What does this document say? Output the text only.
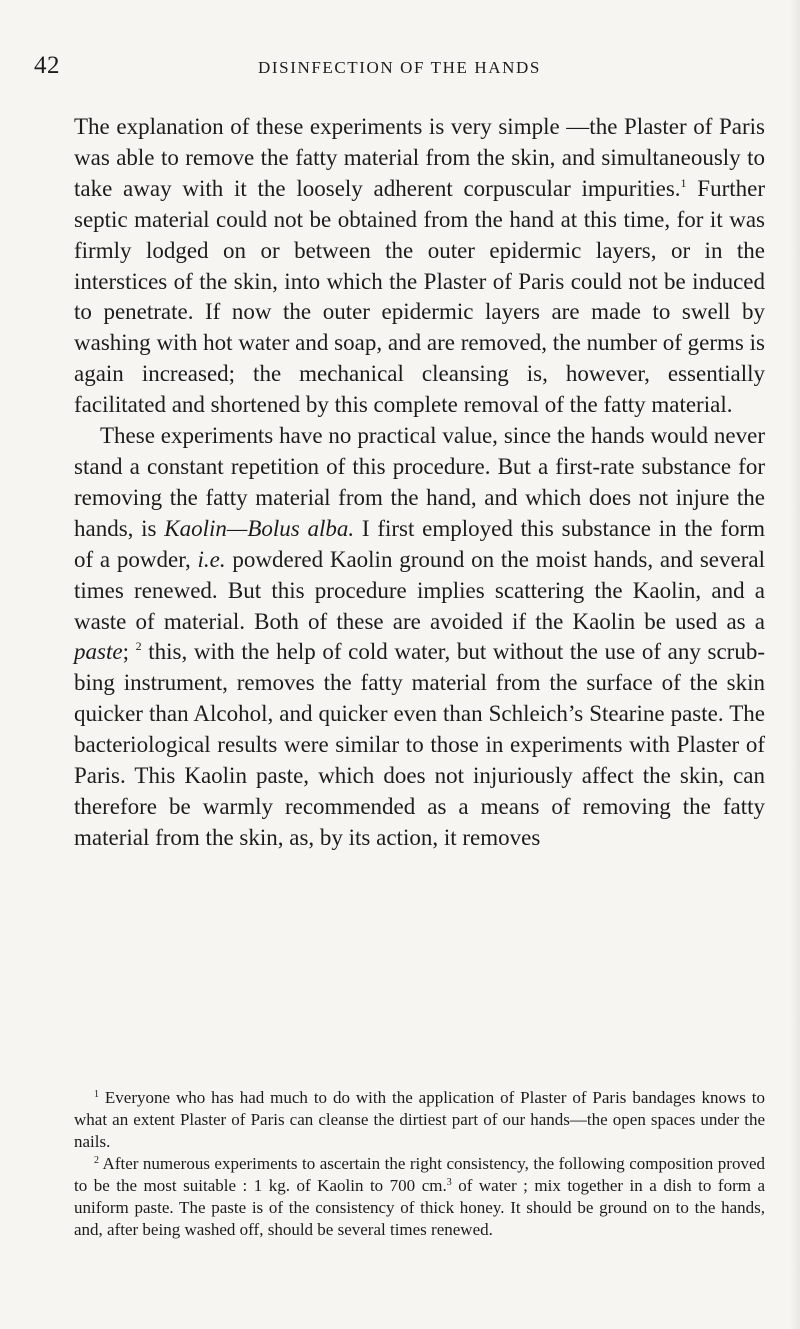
42	DISINFECTION OF THE HANDS

The explanation of these experiments is very simple —the Plaster of Paris was able to remove the fatty material from the skin, and simultaneously to take away with it the loosely adherent corpuscular impurities.$^1$ Further septic material could not be obtained from the hand at this time, for it was firmly lodged on or between the outer epidermic layers, or in the interstices of the skin, into which the Plaster of Paris could not be induced to penetrate. If now the outer epidermic layers are made to swell by washing with hot water and soap, and are removed, the number of germs is again increased; the mechanical cleansing is, however, essentially facilitated and shortened by this complete removal of the fatty material.

These experiments have no practical value, since the hands would never stand a constant repetition of this procedure. But a first-rate substance for removing the fatty material from the hand, and which does not injure the hands, is Kaolin—Bolus alba. I first employed this substance in the form of a powder, i.e. powdered Kaolin ground on the moist hands, and several times renewed. But this procedure implies scattering the Kaolin, and a waste of material. Both of these are avoided if the Kaolin be used as a paste; $^2$ this, with the help of cold water, but without the use of any scrub-bing instrument, removes the fatty material from the surface of the skin quicker than Alcohol, and quicker even than Schleich’s Stearine paste. The bacteriological results were similar to those in experiments with Plaster of Paris. This Kaolin paste, which does not injuriously affect the skin, can therefore be warmly recommended as a means of removing the fatty material from the skin, as, by its action, it removes

$^1$ Everyone who has had much to do with the application of Plaster of Paris bandages knows to what an extent Plaster of Paris can cleanse the dirtiest part of our hands—the open spaces under the nails.

$^2$ After numerous experiments to ascertain the right consistency, the following composition proved to be the most suitable : 1 kg. of Kaolin to 700 cm.$^3$ of water ; mix together in a dish to form a uniform paste. The paste is of the consistency of thick honey. It should be ground on to the hands, and, after being washed off, should be several times renewed.
